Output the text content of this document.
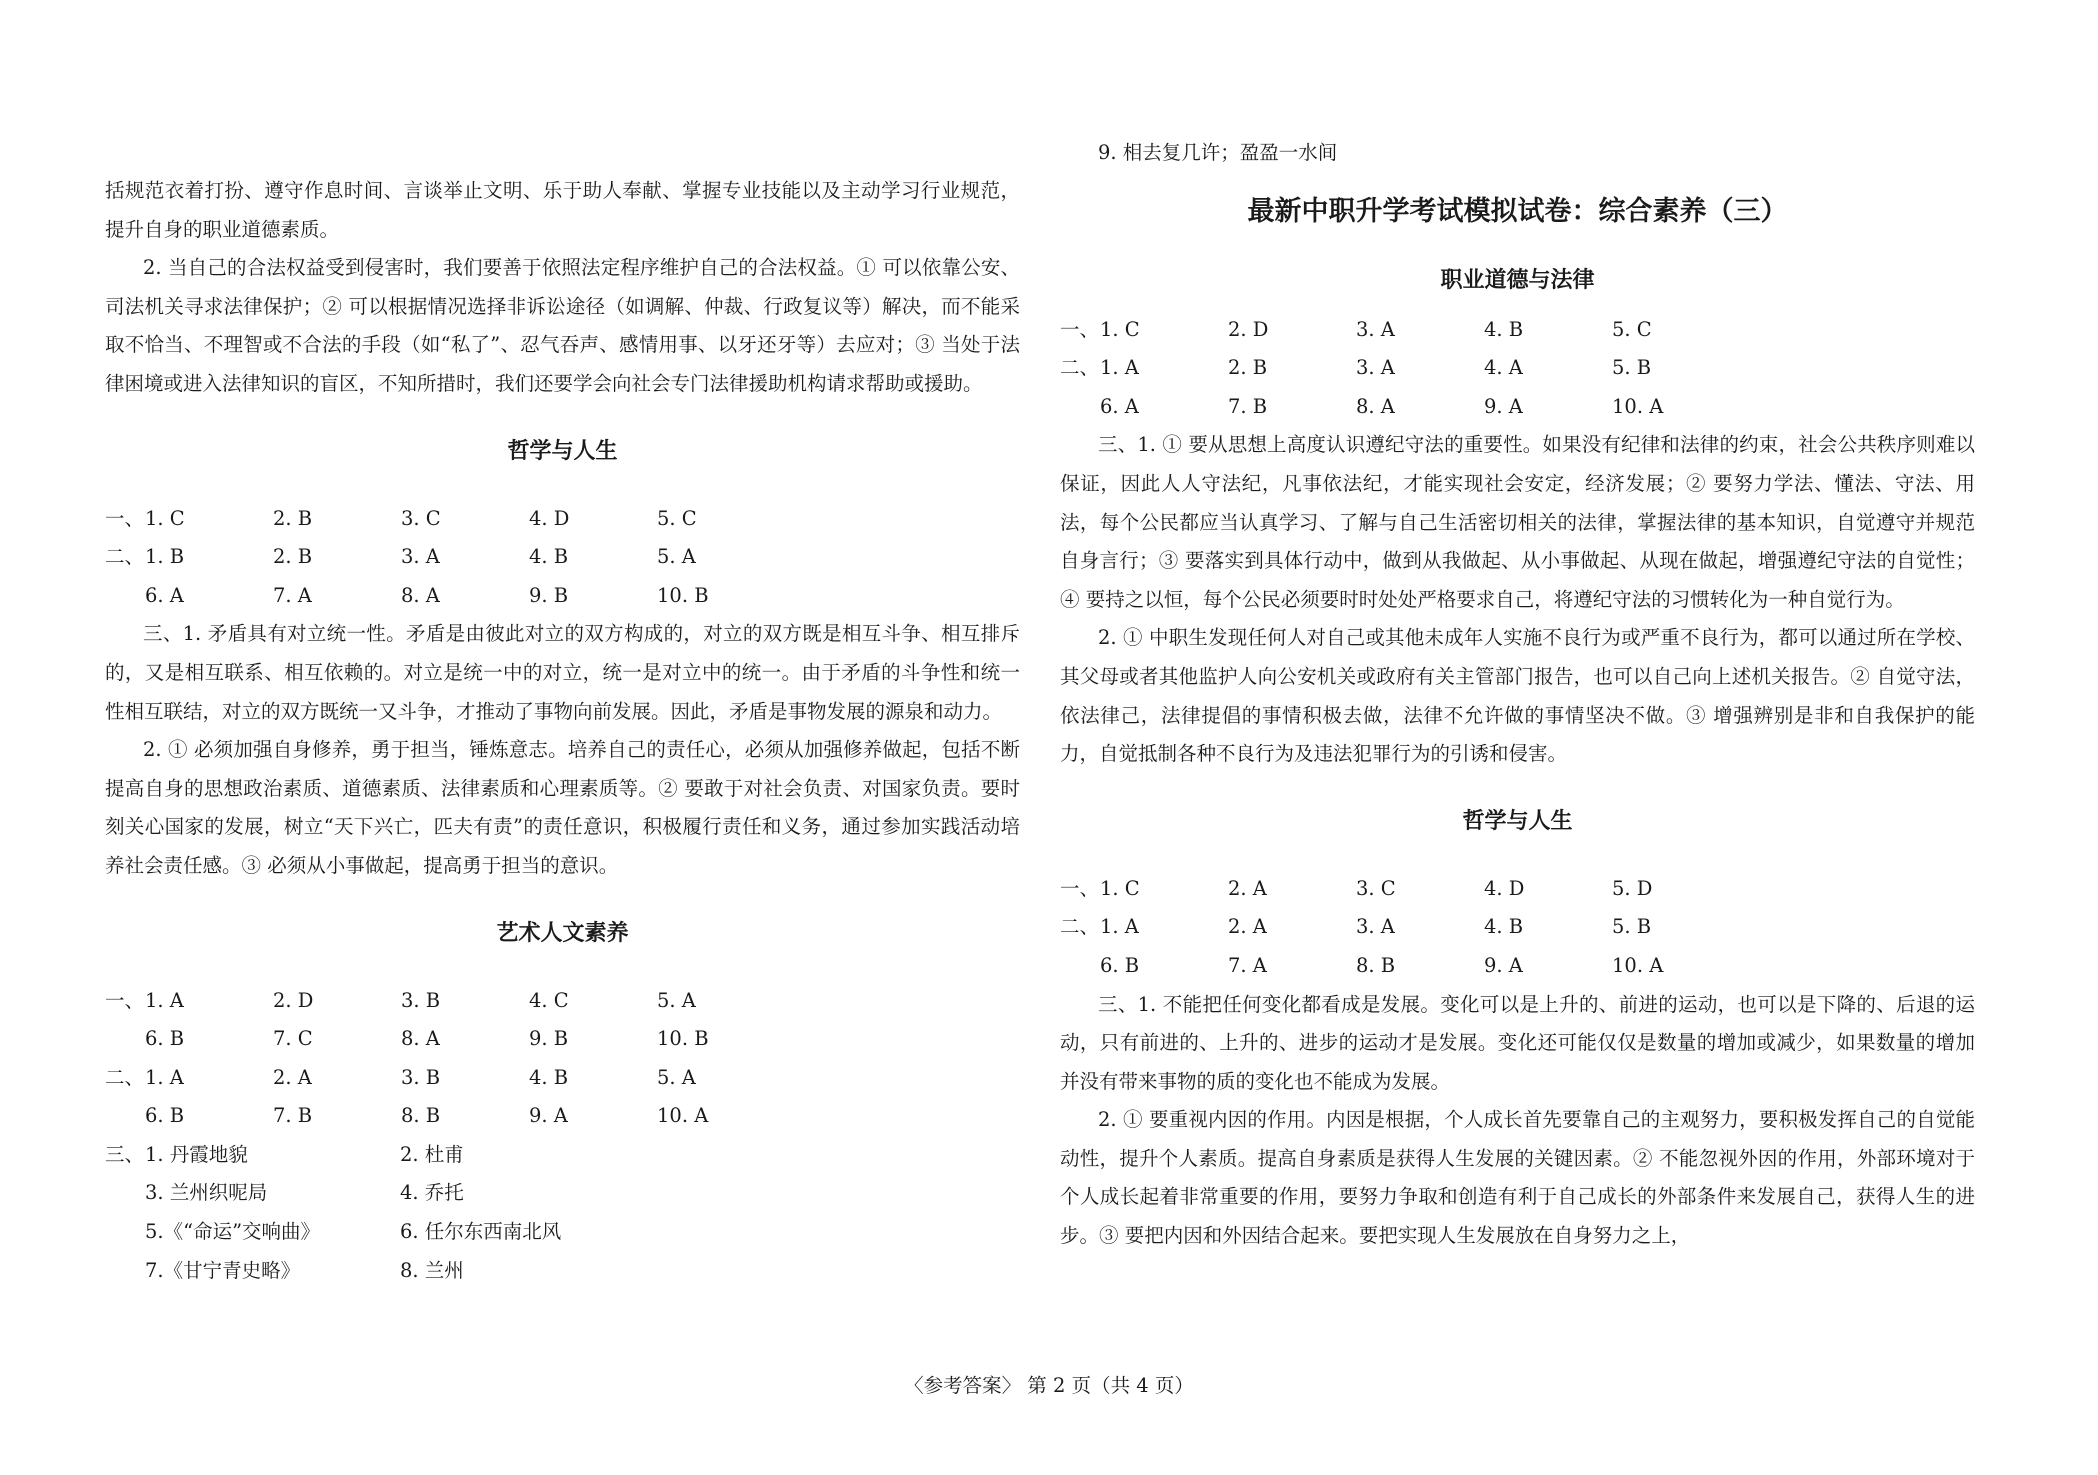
括规范衣着打扮、遵守作息时间、言谈举止文明、乐于助人奉献、掌握专业技能以及主动学习行业规范，提升自身的职业道德素质。

2. 当自己的合法权益受到侵害时，我们要善于依照法定程序维护自己的合法权益。① 可以依靠公安、司法机关寻求法律保护；② 可以根据情况选择非诉讼途径（如调解、仲裁、行政复议等）解决，而不能采取不恰当、不理智或不合法的手段（如“私了”、忍气吞声、感情用事、以牙还牙等）去应对；③ 当处于法律困境或进入法律知识的盲区，不知所措时，我们还要学会向社会专门法律援助机构请求帮助或援助。

哲学与人生
一、1. C	2. B	3. C	4. D	5. C
二、1. B	2. B	3. A	4. B	5. A
6. A	7. A	8. A	9. B	10. B

三、1. 矛盾具有对立统一性。矛盾是由彼此对立的双方构成的，对立的双方既是相互斗争、相互排斥的，又是相互联系、相互依赖的。对立是统一中的对立，统一是对立中的统一。由于矛盾的斗争性和统一性相互联结，对立的双方既统一又斗争，才推动了事物向前发展。因此，矛盾是事物发展的源泉和动力。

2. ① 必须加强自身修养，勇于担当，锤炼意志。培养自己的责任心，必须从加强修养做起，包括不断提高自身的思想政治素质、道德素质、法律素质和心理素质等。② 要敢于对社会负责、对国家负责。要时刻关心国家的发展，树立“天下兴亡，匹夫有责”的责任意识，积极履行责任和义务，通过参加实践活动培养社会责任感。③ 必须从小事做起，提高勇于担当的意识。

艺术人文素养
一、1. A	2. D	3. B	4. C	5. A
6. B	7. C	8. A	9. B	10. B
二、1. A	2. A	3. B	4. B	5. A
6. B	7. B	8. B	9. A	10. A
三、1. 丹霞地貌	2. 杜甫
3. 兰州织呢局	4. 乔托
5.《“命运”交响曲》	6. 任尔东西南北风
7.《甘宁青史略》	8. 兰州

9. 相去复几许；盈盈一水间

最新中职升学考试模拟试卷：综合素养（三）
职业道德与法律
一、1. C	2. D	3. A	4. B	5. C
二、1. A	2. B	3. A	4. A	5. B
6. A	7. B	8. A	9. A	10. A

三、1. ① 要从思想上高度认识遵纪守法的重要性。如果没有纪律和法律的约束，社会公共秩序则难以保证，因此人人守法纪，凡事依法纪，才能实现社会安定，经济发展；② 要努力学法、懂法、守法、用法，每个公民都应当认真学习、了解与自己生活密切相关的法律，掌握法律的基本知识，自觉遵守并规范自身言行；③ 要落实到具体行动中，做到从我做起、从小事做起、从现在做起，增强遵纪守法的自觉性；④ 要持之以恒，每个公民必须要时时处处严格要求自己，将遵纪守法的习惯转化为一种自觉行为。

2. ① 中职生发现任何人对自己或其他未成年人实施不良行为或严重不良行为，都可以通过所在学校、其父母或者其他监护人向公安机关或政府有关主管部门报告，也可以自己向上述机关报告。② 自觉守法，依法律己，法律提倡的事情积极去做，法律不允许做的事情坚决不做。③ 增强辨别是非和自我保护的能力，自觉抵制各种不良行为及违法犯罪行为的引诱和侵害。

哲学与人生
一、1. C	2. A	3. C	4. D	5. D
二、1. A	2. A	3. A	4. B	5. B
6. B	7. A	8. B	9. A	10. A

三、1. 不能把任何变化都看成是发展。变化可以是上升的、前进的运动，也可以是下降的、后退的运动，只有前进的、上升的、进步的运动才是发展。变化还可能仅仅是数量的增加或减少，如果数量的增加并没有带来事物的质的变化也不能成为发展。

2. ① 要重视内因的作用。内因是根据，个人成长首先要靠自己的主观努力，要积极发挥自己的自觉能动性，提升个人素质。提高自身素质是获得人生发展的关键因素。② 不能忽视外因的作用，外部环境对于个人成长起着非常重要的作用，要努力争取和创造有利于自己成长的外部条件来发展自己，获得人生的进步。③ 要把内因和外因结合起来。要把实现人生发展放在自身努力之上，

〈参考答案〉 第 2 页（共 4 页）
